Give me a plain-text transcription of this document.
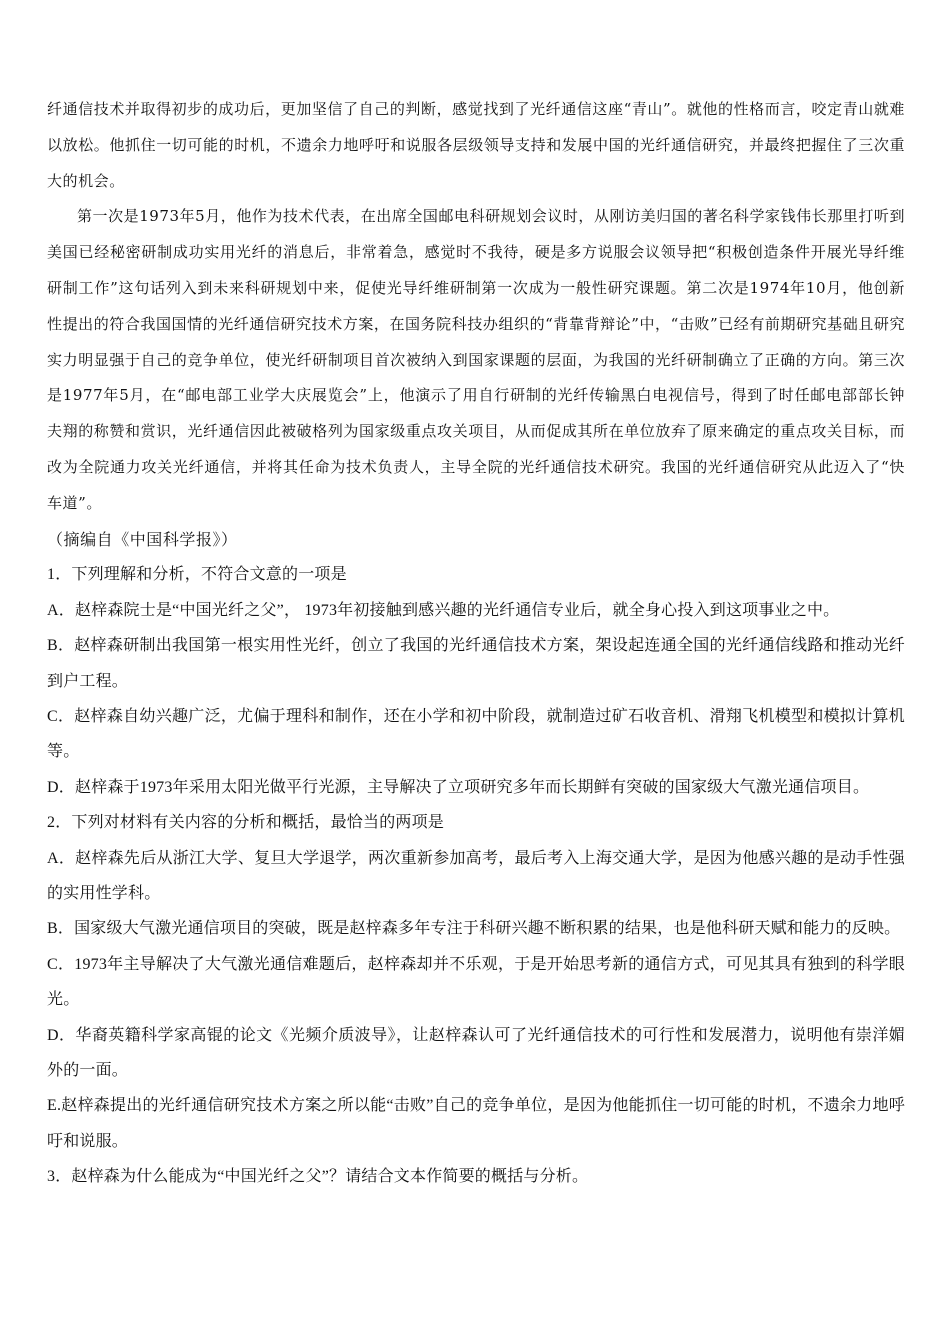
纤通信技术并取得初步的成功后，更加坚信了自己的判断，感觉找到了光纤通信这座“青山”。就他的性格而言，咬定青山就难以放松。他抓住一切可能的时机，不遗余力地呼吁和说服各层级领导支持和发展中国的光纤通信研究，并最终把握住了三次重大的机会。

第一次是1973年5月，他作为技术代表，在出席全国邮电科研规划会议时，从刚访美归国的著名科学家钱伟长那里打听到美国已经秘密研制成功实用光纤的消息后，非常着急，感觉时不我待，硬是多方说服会议领导把“积极创造条件开展光导纤维研制工作”这句话列入到未来科研规划中来，促使光导纤维研制第一次成为一般性研究课题。第二次是1974年10月，他创新性提出的符合我国国情的光纤通信研究技术方案，在国务院科技办组织的“背靠背辩论”中，“击败”已经有前期研究基础且研究实力明显强于自己的竞争单位，使光纤研制项目首次被纳入到国家课题的层面，为我国的光纤研制确立了正确的方向。第三次是1977年5月，在“邮电部工业学大庆展览会”上，他演示了用自行研制的光纤传输黑白电视信号，得到了时任邮电部部长钟夫翔的称赞和赏识，光纤通信因此被破格列为国家级重点攻关项目，从而促成其所在单位放弃了原来确定的重点攻关目标，而改为全院通力攻关光纤通信，并将其任命为技术负责人，主导全院的光纤通信技术研究。我国的光纤通信研究从此迈入了“快车道”。

（摘编自《中国科学报》）

1．下列理解和分析，不符合文意的一项是

A．赵梓森院士是“中国光纤之父”， 1973年初接触到感兴趣的光纤通信专业后，就全身心投入到这项事业之中。

B．赵梓森研制出我国第一根实用性光纤，创立了我国的光纤通信技术方案，架设起连通全国的光纤通信线路和推动光纤到户工程。

C．赵梓森自幼兴趣广泛，尤偏于理科和制作，还在小学和初中阶段，就制造过矿石收音机、滑翔飞机模型和模拟计算机等。

D．赵梓森于1973年采用太阳光做平行光源，主导解决了立项研究多年而长期鲜有突破的国家级大气激光通信项目。

2．下列对材料有关内容的分析和概括，最恰当的两项是

A．赵梓森先后从浙江大学、复旦大学退学，两次重新参加高考，最后考入上海交通大学，是因为他感兴趣的是动手性强的实用性学科。

B．国家级大气激光通信项目的突破，既是赵梓森多年专注于科研兴趣不断积累的结果，也是他科研天赋和能力的反映。

C．1973年主导解决了大气激光通信难题后，赵梓森却并不乐观，于是开始思考新的通信方式，可见其具有独到的科学眼光。

D．华裔英籍科学家高锟的论文《光频介质波导》，让赵梓森认可了光纤通信技术的可行性和发展潜力，说明他有崇洋媚外的一面。

E.赵梓森提出的光纤通信研究技术方案之所以能“击败”自己的竞争单位，是因为他能抓住一切可能的时机，不遗余力地呼吁和说服。

3．赵梓森为什么能成为“中国光纤之父”？请结合文本作简要的概括与分析。
